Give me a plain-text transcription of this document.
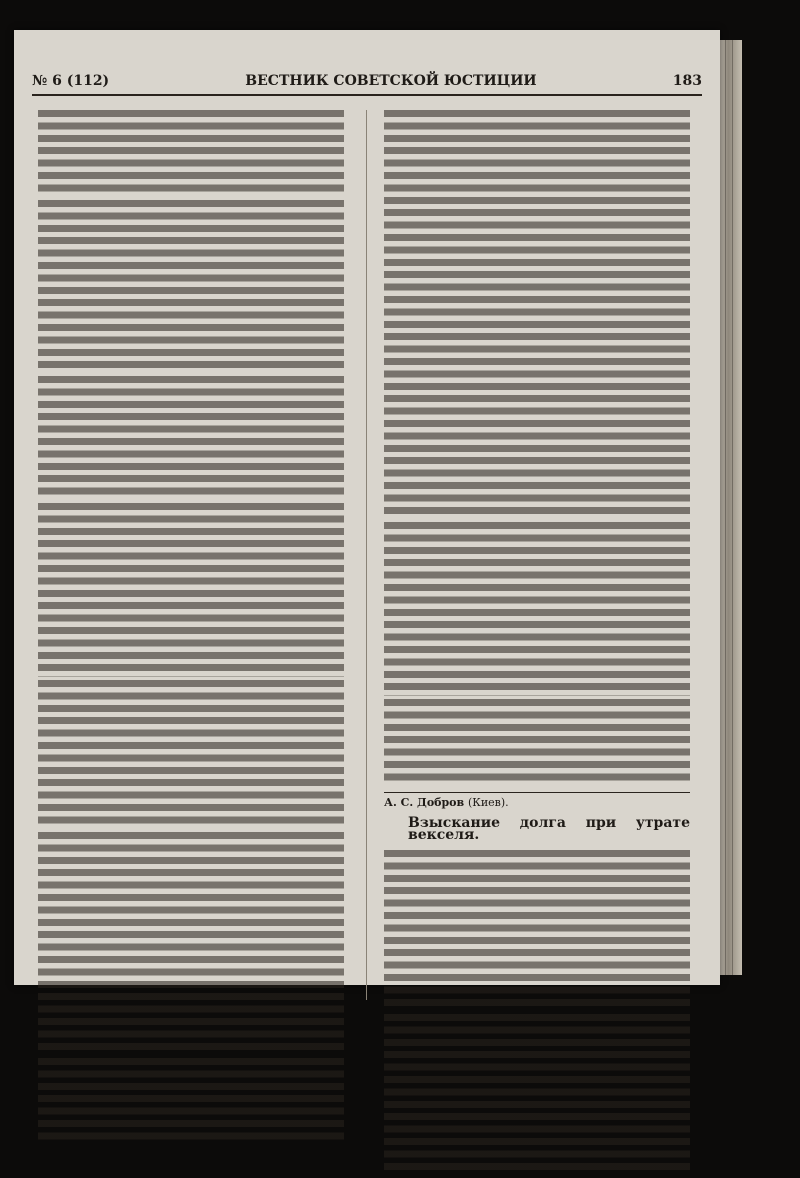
№ 6 (112)	ВЕСТНИК СОВЕТСКОЙ ЮСТИЦИИ	183

А. С. Добров (Киев).
Взыскание долга при утрате векселя.
